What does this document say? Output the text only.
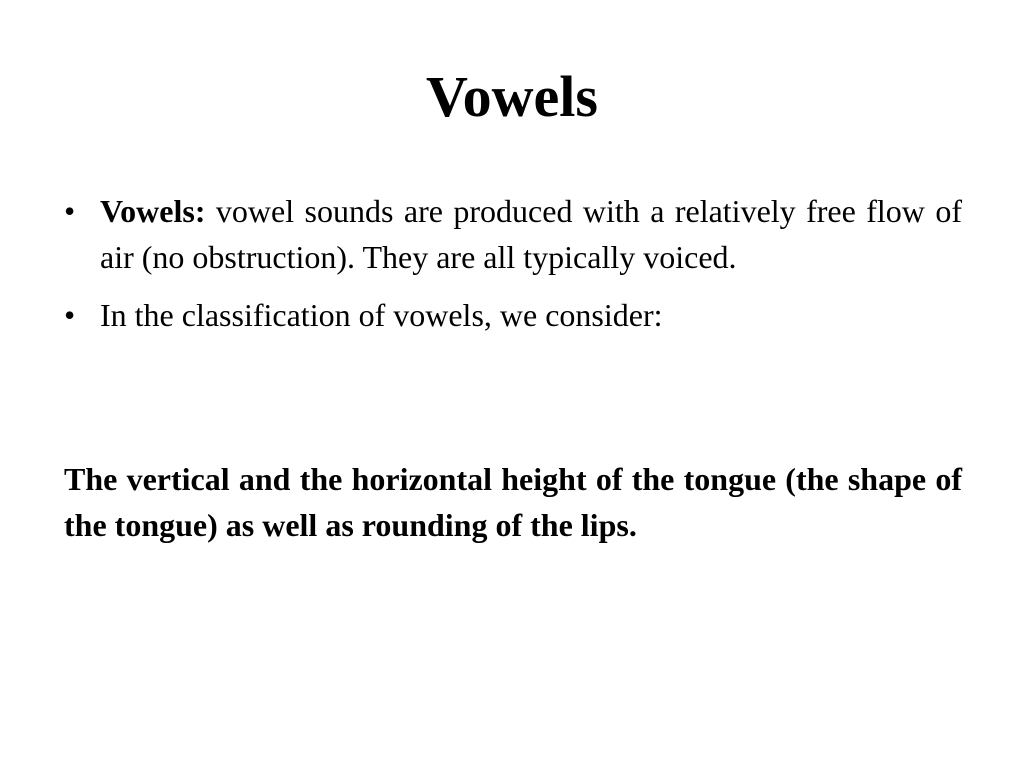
Vowels
• Vowels: vowel sounds are produced with a relatively free flow of air (no obstruction). They are all typically voiced.
• In the classification of vowels, we consider:

The vertical and the horizontal height of the tongue (the shape of the tongue) as well as rounding of the lips.
